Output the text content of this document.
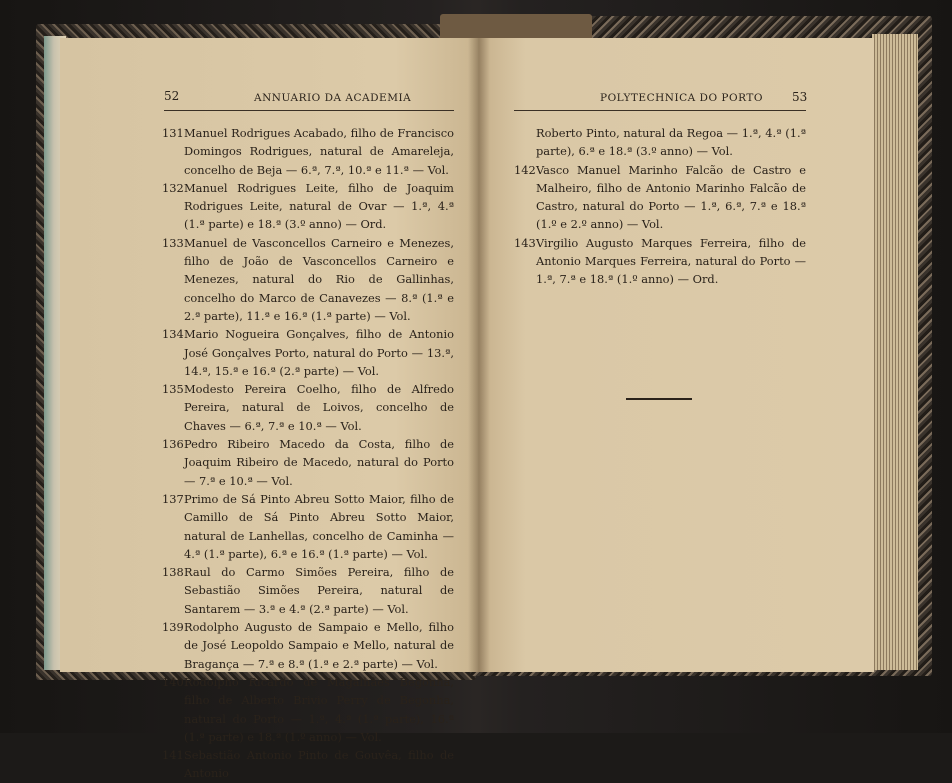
52	ANNUARIO DA ACADEMIA
131 Manuel Rodrigues Acabado, filho de Francisco Domingos Rodrigues, natural de Amareleja, concelho de Beja — 6.ª, 7.ª, 10.ª e 11.ª — Vol.
132 Manuel Rodrigues Leite, filho de Joaquim Rodrigues Leite, natural de Ovar — 1.ª, 4.ª (1.ª parte) e 18.ª (3.º anno) — Ord.
133 Manuel de Vasconcellos Carneiro e Menezes, filho de João de Vasconcellos Carneiro e Menezes, natural do Rio de Gallinhas, concelho do Marco de Canavezes — 8.ª (1.ª e 2.ª parte), 11.ª e 16.ª (1.ª parte) — Vol.
134 Mario Nogueira Gonçalves, filho de Antonio José Gonçalves Porto, natural do Porto — 13.ª, 14.ª, 15.ª e 16.ª (2.ª parte) — Vol.
135 Modesto Pereira Coelho, filho de Alfredo Pereira, natural de Loivos, concelho de Chaves — 6.ª, 7.ª e 10.ª — Vol.
136 Pedro Ribeiro Macedo da Costa, filho de Joaquim Ribeiro de Macedo, natural do Porto — 7.ª e 10.ª — Vol.
137 Primo de Sá Pinto Abreu Sotto Maior, filho de Camillo de Sá Pinto Abreu Sotto Maior, natural de Lanhellas, concelho de Caminha — 4.ª (1.ª parte), 6.ª e 16.ª (1.ª parte) — Vol.
138 Raul do Carmo Simões Pereira, filho de Sebastião Simões Pereira, natural de Santarem — 3.ª e 4.ª (2.ª parte) — Vol.
139 Rodolpho Augusto de Sampaio e Mello, filho de José Leopoldo Sampaio e Mello, natural de Bragança — 7.ª e 8.ª (1.ª e 2.ª parte) — Vol.
140 Rodolpho Ricardo de Magalhães Begonha, filho de Alberto Brivio Perry de Begonha, natural do Porto — 1.ª, 4.ª (1.ª parte), 16.ª (1.ª parte) e 18.ª (1.º anno) — Vol.
141 Sebastião Antonio Pinto de Gouvêa, filho de Antonio
POLYTECHNICA DO PORTO 53
Roberto Pinto, natural da Regoa — 1.ª, 4.ª (1.ª parte), 6.ª e 18.ª (3.º anno) — Vol.
142 Vasco Manuel Marinho Falcão de Castro e Malheiro, filho de Antonio Marinho Falcão de Castro, natural do Porto — 1.ª, 6.ª, 7.ª e 18.ª (1.º e 2.º anno) — Vol.
143 Virgilio Augusto Marques Ferreira, filho de Antonio Marques Ferreira, natural do Porto — 1.ª, 7.ª e 18.ª (1.º anno) — Ord.
